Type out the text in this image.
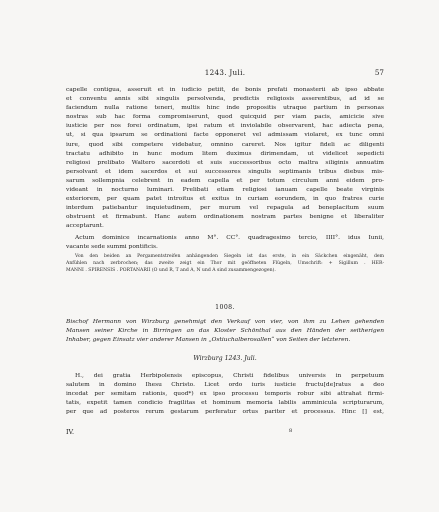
1243. Juli.	57
capelle contigua, asseruit et in iudicio petiit, de bonis prefati monasterii ab ipso abbate
et conventu annis sibi singulis persolvenda, predictis religiosis asserentibus, ad id se
faciendum nulla ratione teneri, multis hinc inde propositis utraque partium in personas
nostras sub hac forma compromiserunt, quod quicquid per viam pacis, amicicie sive
iusticie per nos forei ordinatum, ipsi ratum et inviolabile observarent, hac adiecta pena,
ut, si qua ipsarum se ordinationi facte opponeret vel admissam violaret, ex tunc omni
iure, quod sibi competere videbatur, omnino careret. Nos igitur fideli ac diligenti
tractatu adhibito in hunc modum litem duximus dirimendam, ut videlicet sepedicti
religiosi prelibato Waltero sacerdoti et suis successoribus octo maltra siliginis annuatim
persolvant et idem sacerdos et sui successores singulis septimanis tribus diebus mis-
sarum sollempnia celebrent in eadem capella et per totum circulum anni eidem pro-
videant in nocturno luminari. Prelibati etiam religiosi ianuam capelle beate virginis
exteriorem, per quam patet introitus et exitus in curiam eorundem, in quo fratres curie
interdum patiebantur inquietudinem, per murum vel repagula ad beneplacitum suum
obstruent et firmabunt. Hanc autem ordinationem nostram partes benigne et liberaliter
acceptarunt.
Actum dominice incarnationis anno M°. CC°. quadragesimo tercio, IIII°. idus Iunii,
vacante sede summi pontificis.
Von den beiden an Pergamentstreifen anhängenden Siegeln ist das erste, in ein Säckchen eingenäht, dem
Anfühlen nach zerbrochen; das zweite zeigt ein Thor mit geöffneten Flügeln, Umschrift: + Sigillum . HER-
MANNI . SPIRENSIS . PORTANARII (O und R, T and A, N und A sind zusammengezogen).
1008.
Bischof Hermann von Wirzburg genehmigt den Verkauf von vier, von ihm zu Lehen gehenden
Mansen seiner Kirche in Birringen an das Kloster Schönthal aus den Händen der seitherigen
Inhaber, gegen Einsatz vier anderer Mansen in „Ostiuchalberosallen“ von Seiten der letzteren.
Wirzburg 1243. Juli.
H., dei gratia Herbipolensis episcopus, Christi fidelibus universis in perpetuum
salutem in domino Ihesu Christo. Licet ordo iuris iusticie fructu[de]ratus a deo
incedat per semitam rationis, quod*) ex ipso processu temporis robur sibi attrahat firmi-
tatis, expetit tamen condicio fragilitas et hominum memoria labilis amminicula scripturarum,
per que ad posteros rerum gestarum perferatur ortus pariter et processus. Hinc [] est,
IV.	8
